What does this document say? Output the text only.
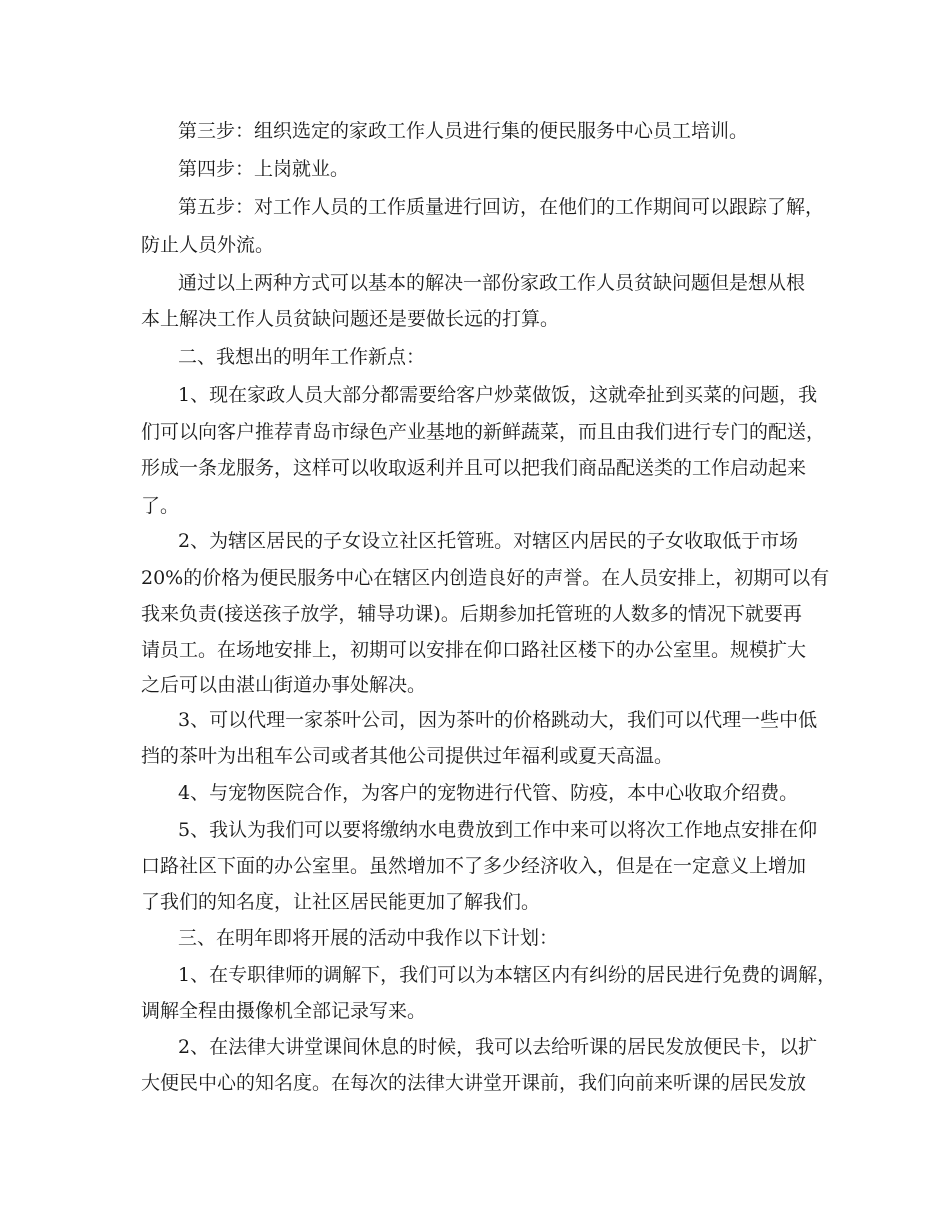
第三步：组织选定的家政工作人员进行集的便民服务中心员工培训。
第四步：上岗就业。
第五步：对工作人员的工作质量进行回访，在他们的工作期间可以跟踪了解，
防止人员外流。
通过以上两种方式可以基本的解决一部份家政工作人员贫缺问题但是想从根
本上解决工作人员贫缺问题还是要做长远的打算。
二、我想出的明年工作新点：
1、现在家政人员大部分都需要给客户炒菜做饭，这就牵扯到买菜的问题，我
们可以向客户推荐青岛市绿色产业基地的新鲜蔬菜，而且由我们进行专门的配送，
形成一条龙服务，这样可以收取返利并且可以把我们商品配送类的工作启动起来
了。
2、为辖区居民的子女设立社区托管班。对辖区内居民的子女收取低于市场
20%的价格为便民服务中心在辖区内创造良好的声誉。在人员安排上，初期可以有
我来负责(接送孩子放学，辅导功课)。后期参加托管班的人数多的情况下就要再
请员工。在场地安排上，初期可以安排在仰口路社区楼下的办公室里。规模扩大
之后可以由湛山街道办事处解决。
3、可以代理一家茶叶公司，因为茶叶的价格跳动大，我们可以代理一些中低
挡的茶叶为出租车公司或者其他公司提供过年福利或夏天高温。
4、与宠物医院合作，为客户的宠物进行代管、防疫，本中心收取介绍费。
5、我认为我们可以要将缴纳水电费放到工作中来可以将次工作地点安排在仰
口路社区下面的办公室里。虽然增加不了多少经济收入，但是在一定意义上增加
了我们的知名度，让社区居民能更加了解我们。
三、在明年即将开展的活动中我作以下计划：
1、在专职律师的调解下，我们可以为本辖区内有纠纷的居民进行免费的调解，
调解全程由摄像机全部记录写来。
2、在法律大讲堂课间休息的时候，我可以去给听课的居民发放便民卡，以扩
大便民中心的知名度。在每次的法律大讲堂开课前，我们向前来听课的居民发放
